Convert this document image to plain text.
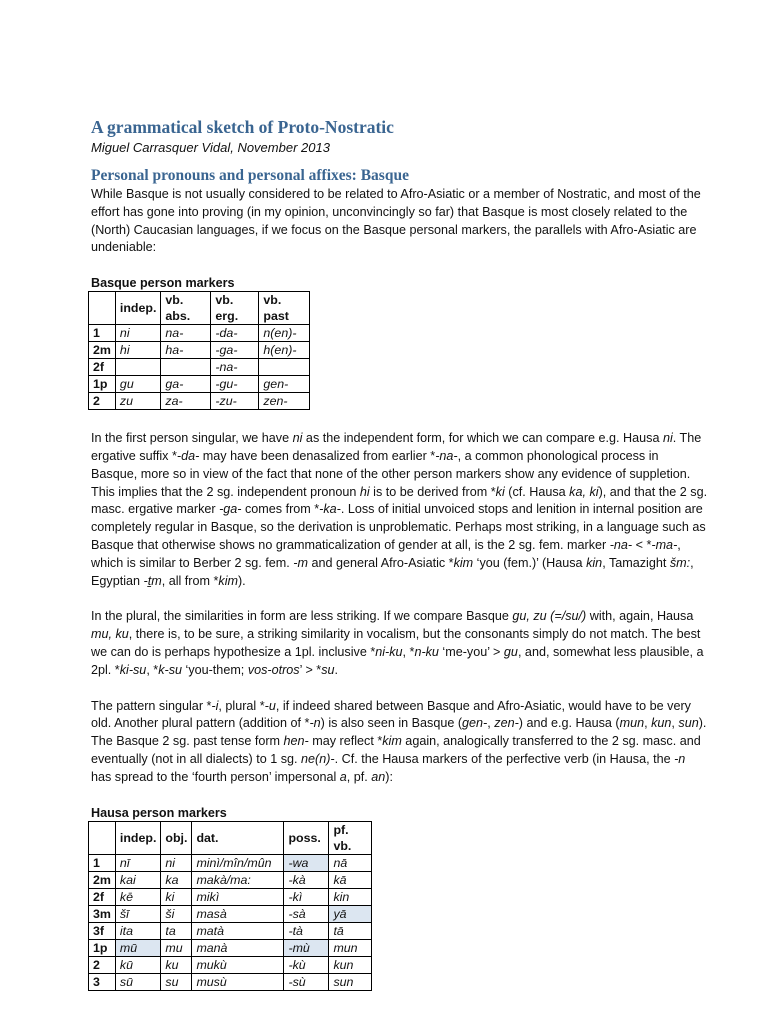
A grammatical sketch of Proto-Nostratic
Miguel Carrasquer Vidal, November 2013
Personal pronouns and personal affixes: Basque

While Basque is not usually considered to be related to Afro-Asiatic or a member of Nostratic, and most of the effort has gone into proving (in my opinion, unconvincingly so far) that Basque is most closely related to the (North) Caucasian languages, if we focus on the Basque personal markers, the parallels with Afro-Asiatic are undeniable:

Basque person markers
	indep.	vb. abs.	vb. erg.	vb. past
1	ni	na-	-da-	n(en)-
2m	hi	ha-	-ga-	h(en)-
2f			-na-	
1p	gu	ga-	-gu-	gen-
2	zu	za-	-zu-	zen-

In the first person singular, we have ni as the independent form, for which we can compare e.g. Hausa ni. The ergative suffix *-da- may have been denasalized from earlier *-na-, a common phonological process in Basque, more so in view of the fact that none of the other person markers show any evidence of suppletion. This implies that the 2 sg. independent pronoun hi is to be derived from *ki (cf. Hausa ka, ki), and that the 2 sg. masc. ergative marker -ga- comes from *-ka-. Loss of initial unvoiced stops and lenition in internal position are completely regular in Basque, so the derivation is unproblematic. Perhaps most striking, in a language such as Basque that otherwise shows no grammaticalization of gender at all, is the 2 sg. fem. marker -na- < *-ma-, which is similar to Berber 2 sg. fem. -m and general Afro-Asiatic *kim ‘you (fem.)’ (Hausa kin, Tamazight šm:, Egyptian -ṯm, all from *kim).

In the plural, the similarities in form are less striking. If we compare Basque gu, zu (=/su/) with, again, Hausa mu, ku, there is, to be sure, a striking similarity in vocalism, but the consonants simply do not match. The best we can do is perhaps hypothesize a 1pl. inclusive *ni-ku, *n-ku ‘me-you’ > gu, and, somewhat less plausible, a 2pl. *ki-su, *k-su ‘you-them; vos-otros’ > *su.

The pattern singular *-i, plural *-u, if indeed shared between Basque and Afro-Asiatic, would have to be very old. Another plural pattern (addition of *-n) is also seen in Basque (gen-, zen-) and e.g. Hausa (mun, kun, sun). The Basque 2 sg. past tense form hen- may reflect *kim again, analogically transferred to the 2 sg. masc. and eventually (not in all dialects) to 1 sg. ne(n)-. Cf. the Hausa markers of the perfective verb (in Hausa, the -n has spread to the ‘fourth person’ impersonal a, pf. an):

Hausa person markers
	indep.	obj.	dat.	poss.	pf. vb.
1	nī	ni	minì/mîn/mûn	-wa	nā
2m	kai	ka	makà/ma:	-kà	kā
2f	kē	ki	mikì	-kì	kin
3m	šī	ši	masà	-sà	yā
3f	ita	ta	matà	-tà	tā
1p	mū	mu	manà	-mù	mun
2	kū	ku	mukù	-kù	kun
3	sū	su	musù	-sù	sun
